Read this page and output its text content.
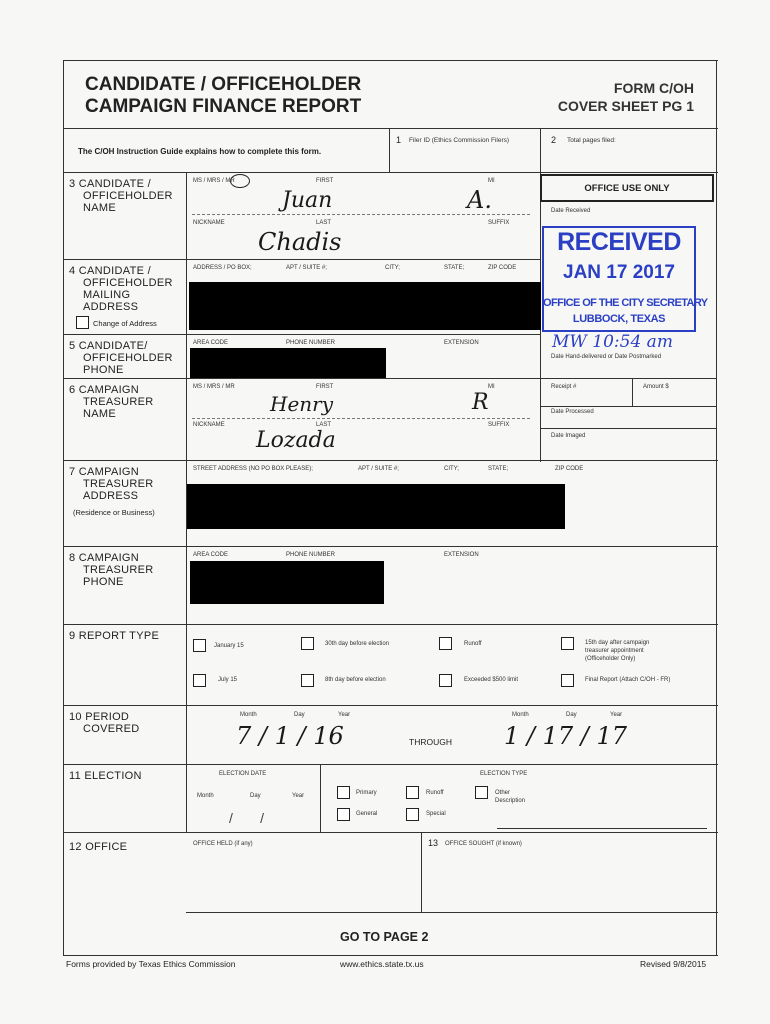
CANDIDATE / OFFICEHOLDER
CAMPAIGN FINANCE REPORT
FORM C/OH
COVER SHEET PG 1
The C/OH Instruction Guide explains how to complete this form.
1 Filer ID (Ethics Commission Filers)	2 Total pages filed:
3 CANDIDATE /
OFFICEHOLDER
NAME
MS / MRS / MR	FIRST	MI
Juan	A.
NICKNAME	LAST	SUFFIX
Chadis
OFFICE USE ONLY
Date Received
RECEIVED
JAN 17 2017
OFFICE OF THE CITY SECRETARY
LUBBOCK, TEXAS
MW 10:54 am
Date Hand-delivered or Date Postmarked
Receipt #	Amount $
Date Processed
Date Imaged
4 CANDIDATE /
OFFICEHOLDER
MAILING
ADDRESS
Change of Address
ADDRESS / PO BOX;	APT / SUITE #;	CITY;	STATE;	ZIP CODE
5 CANDIDATE/
OFFICEHOLDER
PHONE
AREA CODE	PHONE NUMBER	EXTENSION
6 CAMPAIGN
TREASURER
NAME
MS / MRS / MR	FIRST	MI
Henry	R
NICKNAME	LAST	SUFFIX
Lozada
7 CAMPAIGN
TREASURER
ADDRESS
(Residence or Business)
STREET ADDRESS (NO PO BOX PLEASE);	APT / SUITE #;	CITY;	STATE;	ZIP CODE
8 CAMPAIGN
TREASURER
PHONE
AREA CODE	PHONE NUMBER	EXTENSION
9 REPORT TYPE
January 15	30th day before election	Runoff	15th day after campaign
treasurer appointment
(Officeholder Only)
July 15	8th day before election	Exceeded $500 limit	Final Report (Attach C/OH - FR)
10 PERIOD
COVERED
Month	Day	Year
7 / 1 / 16	THROUGH
Month	Day	Year
1 / 17 / 17
11 ELECTION	ELECTION DATE
Month	Day	Year
/       /
ELECTION TYPE
Primary	Runoff	Other
Description
General	Special
12 OFFICE	OFFICE HELD (if any)	13 OFFICE SOUGHT (if known)
GO TO PAGE 2
Forms provided by Texas Ethics Commission	www.ethics.state.tx.us	Revised 9/8/2015
